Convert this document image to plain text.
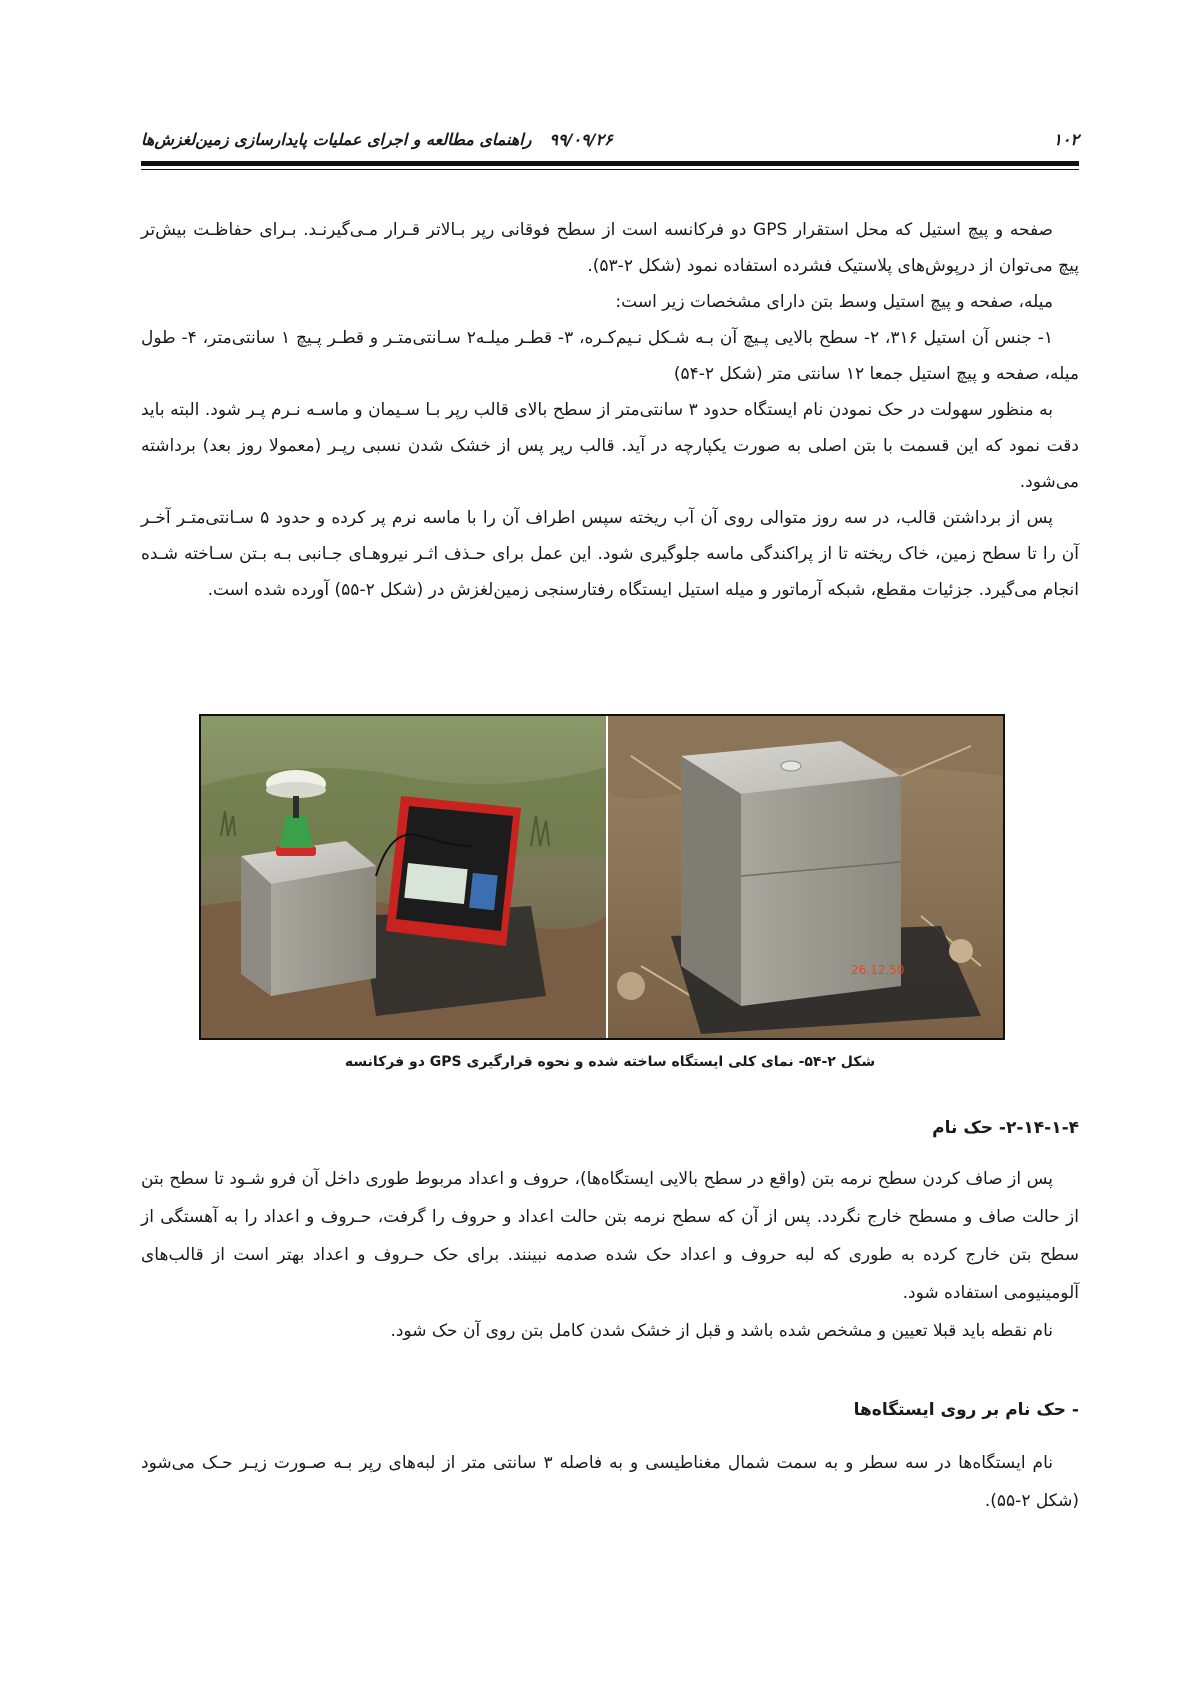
۱۰۲
۹۹/۰۹/۲۶
راهنمای مطالعه و اجرای عملیات پایدارسازی زمین‌لغزش‌ها

صفحه و پیچ استیل که محل استقرار GPS دو فرکانسه است از سطح فوقانی رپر بـالاتر قـرار مـی‌گیرنـد. بـرای حفاظـت بیش‌تر پیچ می‌توان از درپوش‌های پلاستیک فشرده استفاده نمود (شکل ۲-۵۳).

میله، صفحه و پیچ استیل وسط بتن دارای مشخصات زیر است:

۱- جنس آن استیل ۳۱۶، ۲- سطح بالایی پـیچ آن بـه شـکل نـیم‌کـره، ۳- قطـر میلـه۲ سـانتی‌متـر و قطـر پـیچ ۱ سانتی‌متر، ۴- طول میله، صفحه و پیچ استیل جمعا ۱۲ سانتی متر (شکل ۲-۵۴)

به منظور سهولت در حک نمودن نام ایستگاه حدود ۳ سانتی‌متر از سطح بالای قالب رپر بـا سـیمان و ماسـه نـرم پـر شود. البته باید دقت نمود که این قسمت با بتن اصلی به صورت یکپارچه در آید. قالب رپر پس از خشک شدن نسبی رپـر (معمولا روز بعد) برداشته می‌شود.

پس از برداشتن قالب، در سه روز متوالی روی آن آب ریخته سپس اطراف آن را با ماسه نرم پر کرده و حدود ۵ سـانتی‌متـر آخـر آن را تا سطح زمین، خاک ریخته تا از پراکندگی ماسه جلوگیری شود. این عمل برای حـذف اثـر نیروهـای جـانبی بـه بـتن سـاخته شـده انجام می‌گیرد. جزئیات مقطع، شبکه آرماتور و میله استیل ایستگاه رفتارسنجی زمین‌لغزش در (شکل ۲-۵۵) آورده شده است.

26.12.50
شکل ۲-۵۴- نمای کلی ایستگاه ساخته شده و نحوه قرارگیری GPS دو فرکانسه
۲-۱۴-۱-۴- حک نام

پس از صاف کردن سطح نرمه بتن (واقع در سطح بالایی ایستگاه‌ها)، حروف و اعداد مربوط طوری داخل آن فرو شـود تا سطح بتن از حالت صاف و مسطح خارج نگردد. پس از آن که سطح نرمه بتن حالت اعداد و حروف را گرفت، حـروف و اعداد را به آهستگی از سطح بتن خارج کرده به طوری که لبه حروف و اعداد حک شده صدمه نبینند. برای حک حـروف و اعداد بهتر است از قالب‌های آلومینیومی استفاده شود.

نام نقطه باید قبلا تعیین و مشخص شده باشد و قبل از خشک شدن کامل بتن روی آن حک شود.

- حک نام بر روی ایستگاه‌ها

نام ایستگاه‌ها در سه سطر و به سمت شمال مغناطیسی و به فاصله ۳ سانتی متر از لبه‌های رپر بـه صـورت زیـر حـک می‌شود (شکل ۲-۵۵).
